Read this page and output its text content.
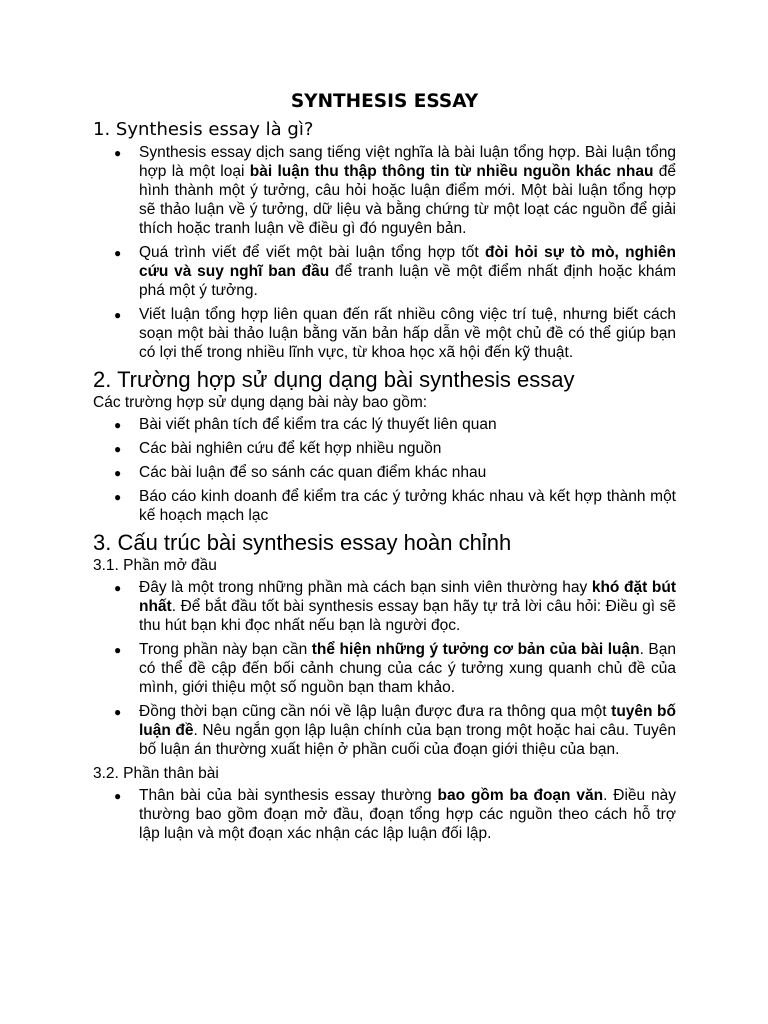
SYNTHESIS ESSAY
1. Synthesis essay là gì?
● Synthesis essay dịch sang tiếng việt nghĩa là bài luận tổng hợp. Bài luận tổng hợp là một loại bài luận thu thập thông tin từ nhiều nguồn khác nhau để hình thành một ý tưởng, câu hỏi hoặc luận điểm mới. Một bài luận tổng hợp sẽ thảo luận về ý tưởng, dữ liệu và bằng chứng từ một loạt các nguồn để giải thích hoặc tranh luận về điều gì đó nguyên bản.
● Quá trình viết để viết một bài luận tổng hợp tốt đòi hỏi sự tò mò, nghiên cứu và suy nghĩ ban đầu để tranh luận về một điểm nhất định hoặc khám phá một ý tưởng.
● Viết luận tổng hợp liên quan đến rất nhiều công việc trí tuệ, nhưng biết cách soạn một bài thảo luận bằng văn bản hấp dẫn về một chủ đề có thể giúp bạn có lợi thế trong nhiều lĩnh vực, từ khoa học xã hội đến kỹ thuật.
2. Trường hợp sử dụng dạng bài synthesis essay
Các trường hợp sử dụng dạng bài này bao gồm:
● Bài viết phân tích để kiểm tra các lý thuyết liên quan
● Các bài nghiên cứu để kết hợp nhiều nguồn
● Các bài luận để so sánh các quan điểm khác nhau
● Báo cáo kinh doanh để kiểm tra các ý tưởng khác nhau và kết hợp thành một kế hoạch mạch lạc
3. Cấu trúc bài synthesis essay hoàn chỉnh
3.1. Phần mở đầu
● Đây là một trong những phần mà cách bạn sinh viên thường hay khó đặt bút nhất. Để bắt đầu tốt bài synthesis essay bạn hãy tự trả lời câu hỏi: Điều gì sẽ thu hút bạn khi đọc nhất nếu bạn là người đọc.
● Trong phần này bạn cần thể hiện những ý tưởng cơ bản của bài luận. Bạn có thể đề cập đến bối cảnh chung của các ý tưởng xung quanh chủ đề của mình, giới thiệu một số nguồn bạn tham khảo.
● Đồng thời bạn cũng cần nói về lập luận được đưa ra thông qua một tuyên bố luận đề. Nêu ngắn gọn lập luận chính của bạn trong một hoặc hai câu. Tuyên bố luận án thường xuất hiện ở phần cuối của đoạn giới thiệu của bạn.
3.2. Phần thân bài
● Thân bài của bài synthesis essay thường bao gồm ba đoạn văn. Điều này thường bao gồm đoạn mở đầu, đoạn tổng hợp các nguồn theo cách hỗ trợ lập luận và một đoạn xác nhận các lập luận đối lập.
